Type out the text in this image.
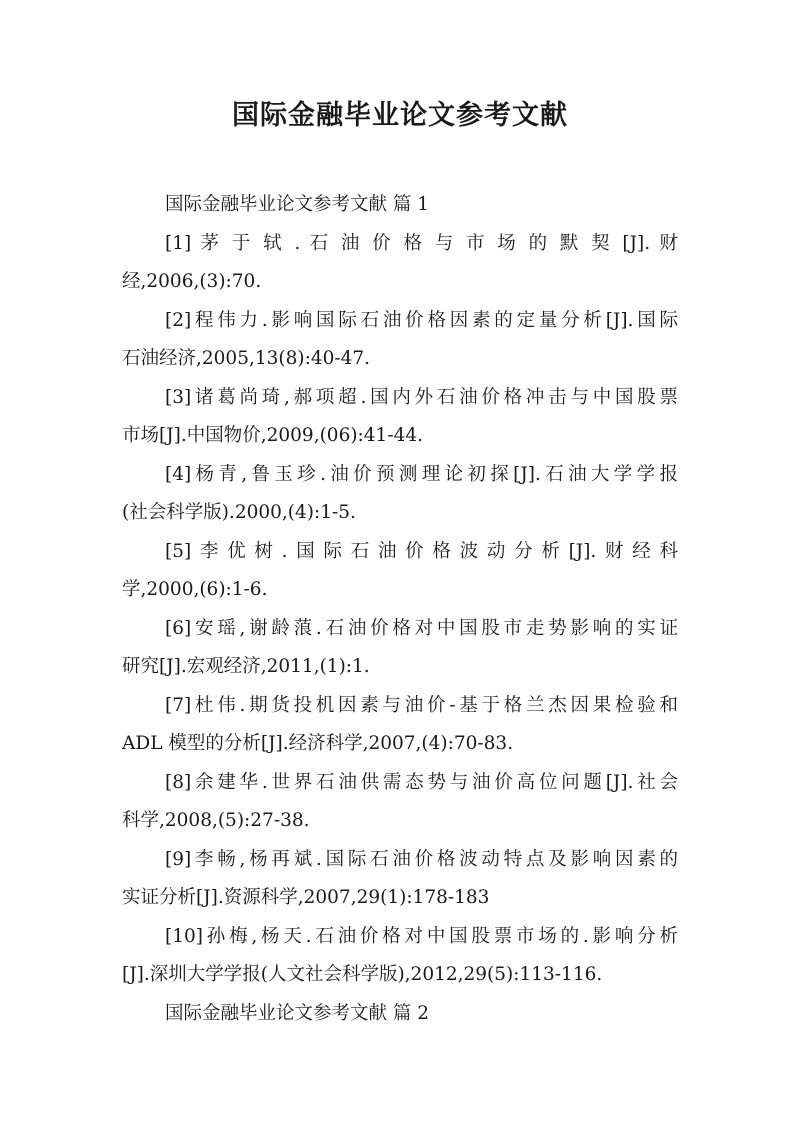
国际金融毕业论文参考文献
国际金融毕业论文参考文献 篇 1
[1] 茅 于 轼 . 石 油 价 格 与 市 场 的 默 契 [J]. 财
经,2006,(3):70.
[2]程伟力.影响国际石油价格因素的定量分析[J].国际
石油经济,2005,13(8):40-47.
[3]诸葛尚琦,郝项超.国内外石油价格冲击与中国股票
市场[J].中国物价,2009,(06):41-44.
[4]杨青,鲁玉珍.油价预测理论初探[J].石油大学学报
(社会科学版).2000,(4):1-5.
[5]李优树.国际石油价格波动分析[J].财经科
学,2000,(6):1-6.
[6]安瑶,谢龄蒗.石油价格对中国股市走势影响的实证
研究[J].宏观经济,2011,(1):1.
[7]杜伟.期货投机因素与油价-基于格兰杰因果检验和
ADL 模型的分析[J].经济科学,2007,(4):70-83.
[8]余建华.世界石油供需态势与油价高位问题[J].社会
科学,2008,(5):27-38.
[9]李畅,杨再斌.国际石油价格波动特点及影响因素的
实证分析[J].资源科学,2007,29(1):178-183
[10]孙梅,杨天.石油价格对中国股票市场的.影响分析
[J].深圳大学学报(人文社会科学版),2012,29(5):113-116.
国际金融毕业论文参考文献 篇 2
